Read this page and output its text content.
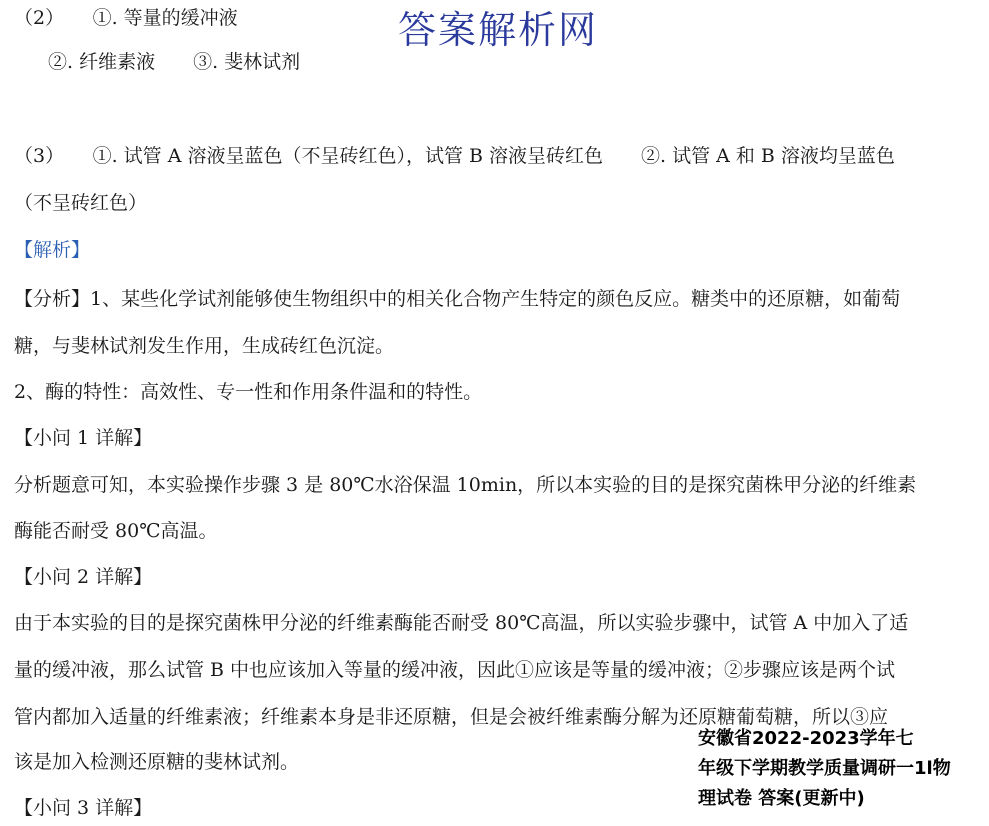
（2）　　①. 等量的缓冲液
②. 纤维素液　　③. 斐林试剂
答案解析网
（3）　　①. 试管 A 溶液呈蓝色（不呈砖红色），试管 B 溶液呈砖红色　　②. 试管 A 和 B 溶液均呈蓝色
（不呈砖红色）
【解析】
【分析】1、某些化学试剂能够使生物组织中的相关化合物产生特定的颜色反应。糖类中的还原糖，如葡萄
糖，与斐林试剂发生作用，生成砖红色沉淀。
2、酶的特性：高效性、专一性和作用条件温和的特性。
【小问 1 详解】
分析题意可知，本实验操作步骤 3 是 80℃水浴保温 10min，所以本实验的目的是探究菌株甲分泌的纤维素
酶能否耐受 80℃高温。
【小问 2 详解】
由于本实验的目的是探究菌株甲分泌的纤维素酶能否耐受 80℃高温，所以实验步骤中，试管 A 中加入了适
量的缓冲液，那么试管 B 中也应该加入等量的缓冲液，因此①应该是等量的缓冲液；②步骤应该是两个试
管内都加入适量的纤维素液；纤维素本身是非还原糖，但是会被纤维素酶分解为还原糖葡萄糖，所以③应
该是加入检测还原糖的斐林试剂。
【小问 3 详解】
安徽省2022-2023学年七
年级下学期教学质量调研一1l物
理试卷 答案(更新中)
